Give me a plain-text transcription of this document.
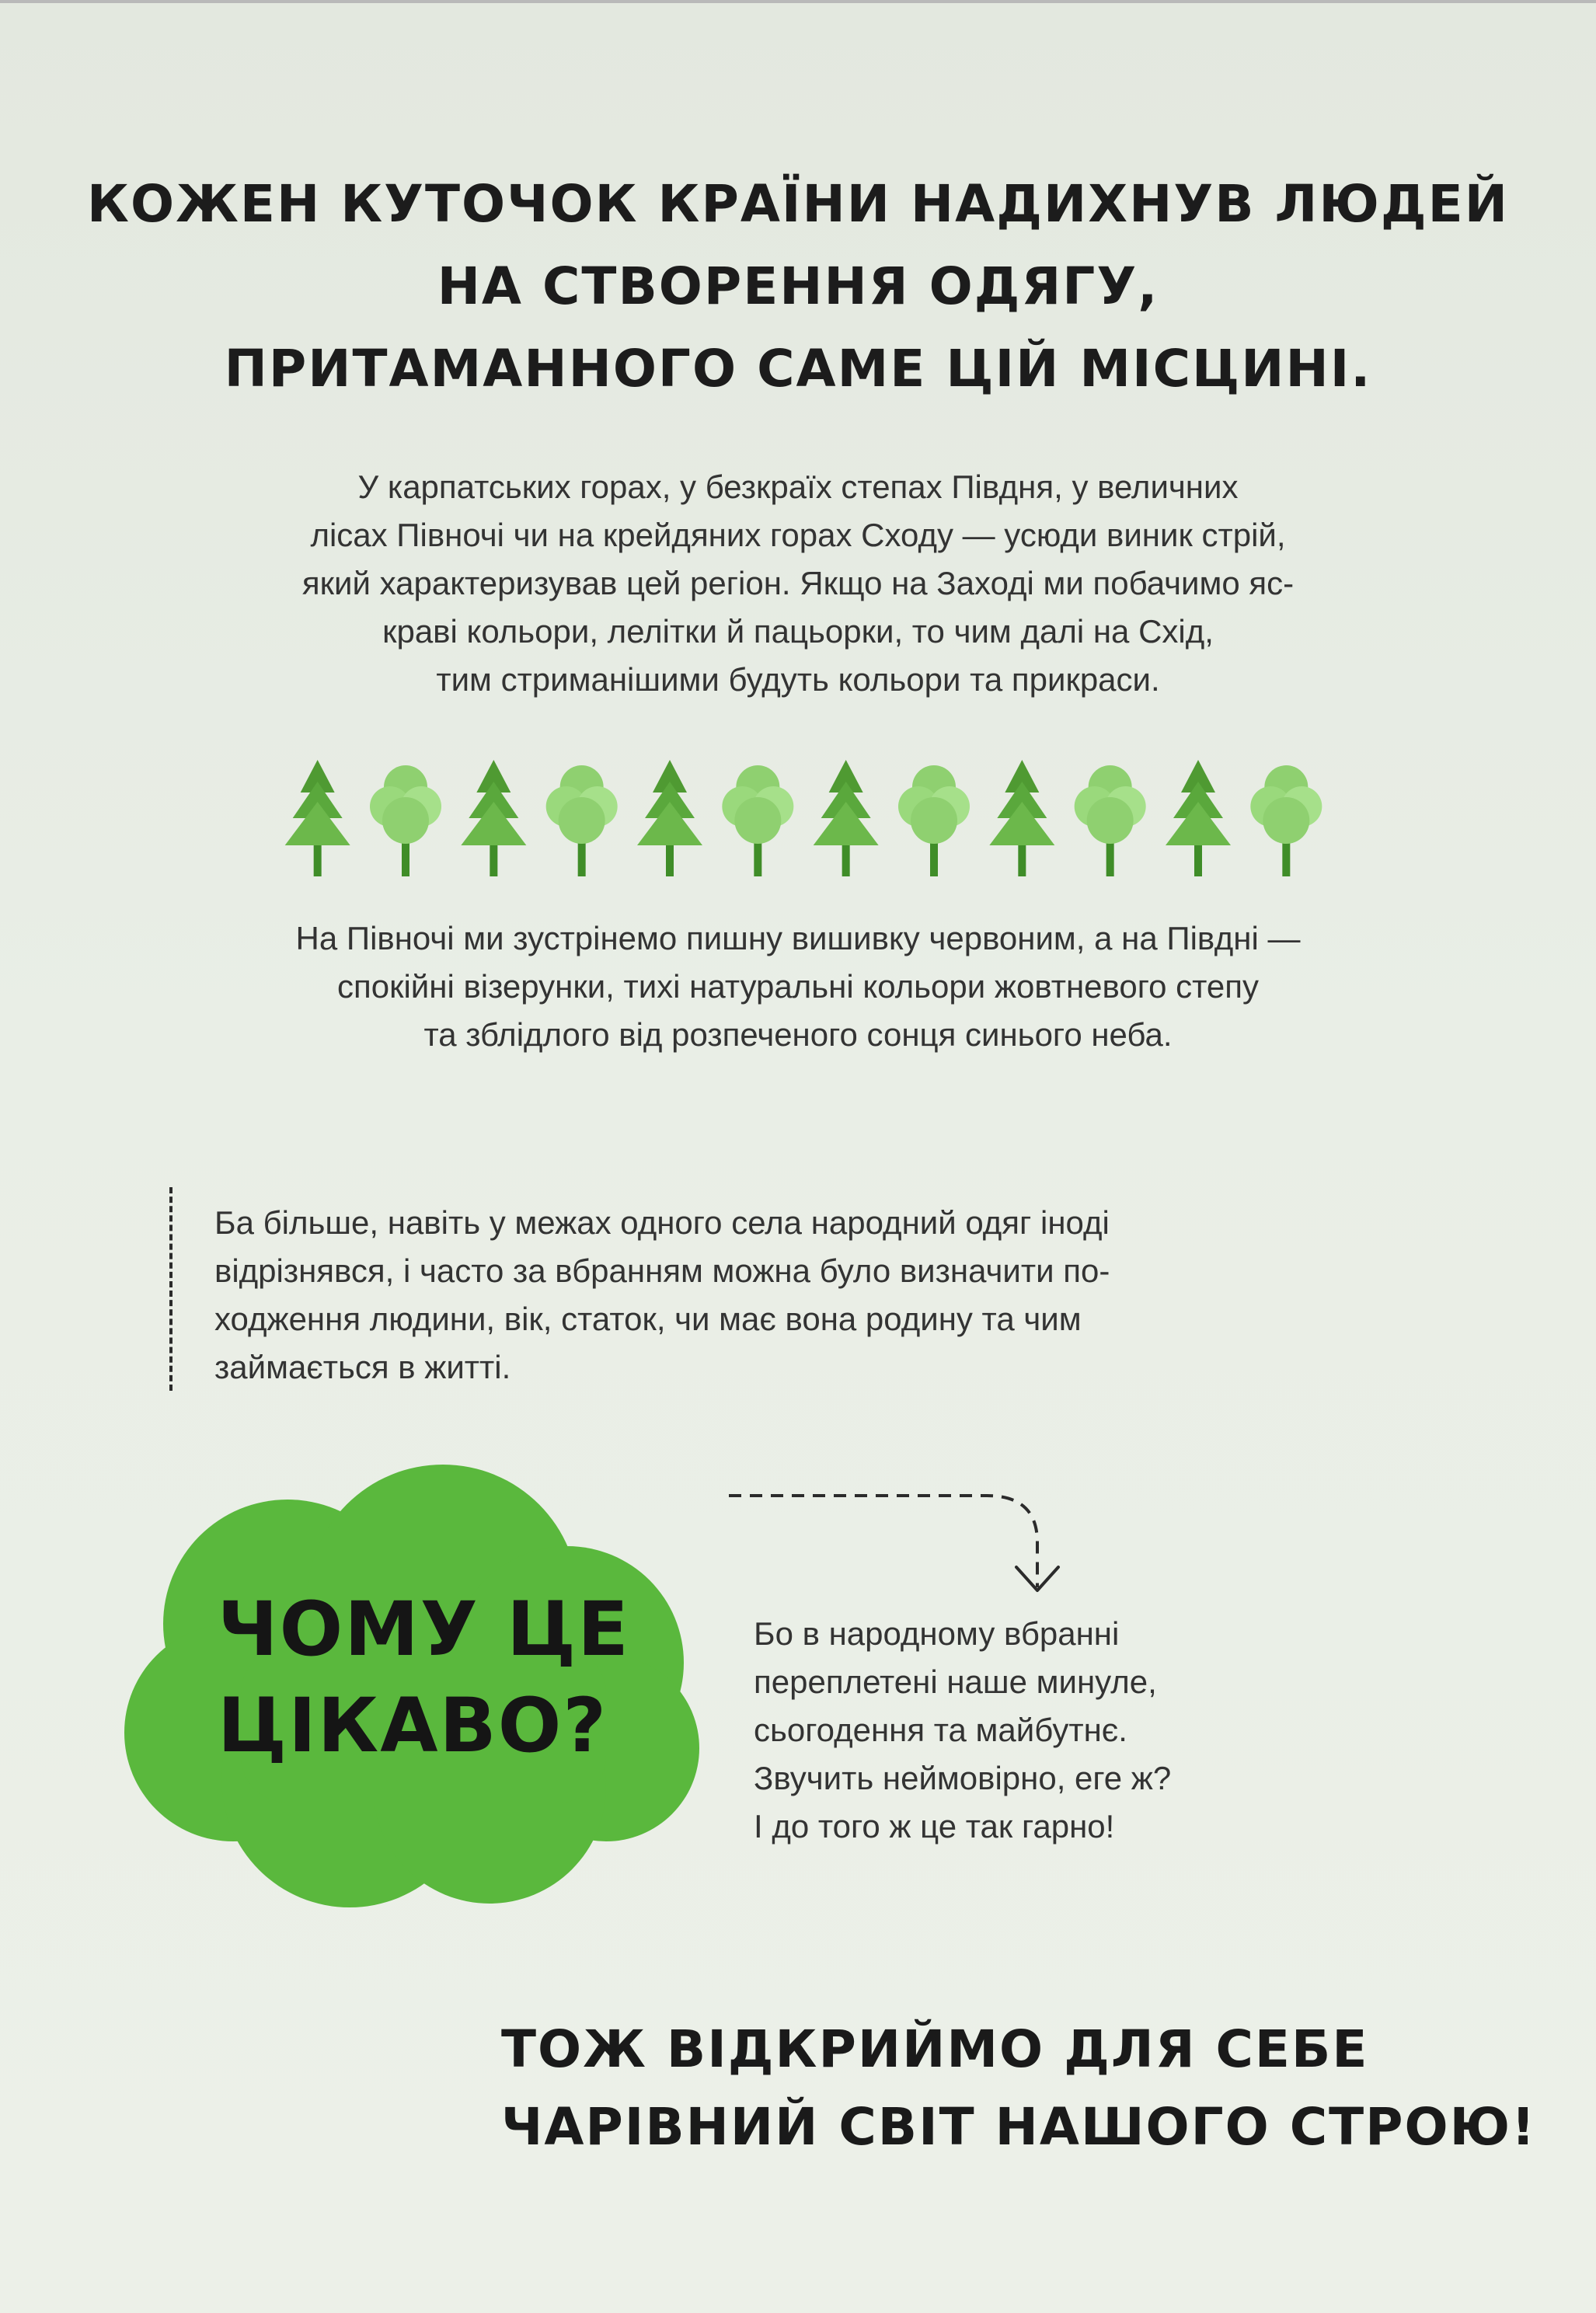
КОЖЕН КУТОЧОК КРАЇНИ НАДИХНУВ ЛЮДЕЙ
НА СТВОРЕННЯ ОДЯГУ,
ПРИТАМАННОГО САМЕ ЦІЙ МІСЦИНІ.

У карпатських горах, у безкраїх степах Півдня, у величних
лісах Півночі чи на крейдяних горах Сходу — усюди виник стрій,
який характеризував цей регіон. Якщо на Заході ми побачимо яс-
краві кольори, лелітки й пацьорки, то чим далі на Схід,
тим стриманішими будуть кольори та прикраси.

На Півночі ми зустрінемо пишну вишивку червоним, а на Півдні —
спокійні візерунки, тихі натуральні кольори жовтневого степу
та зблідлого від розпеченого сонця синього неба.

Ба більше, навіть у межах одного села народний одяг іноді
відрізнявся, і часто за вбранням можна було визначити по-
ходження людини, вік, статок, чи має вона родину та чим
займається в житті.

ЧОМУ ЦЕ
ЦІКАВО?

Бо в народному вбранні
переплетені наше минуле,
сьогодення та майбутнє.
Звучить неймовірно, еге ж?
І до того ж це так гарно!

ТОЖ ВІДКРИЙМО ДЛЯ СЕБЕ
ЧАРІВНИЙ СВІТ НАШОГО СТРОЮ!
